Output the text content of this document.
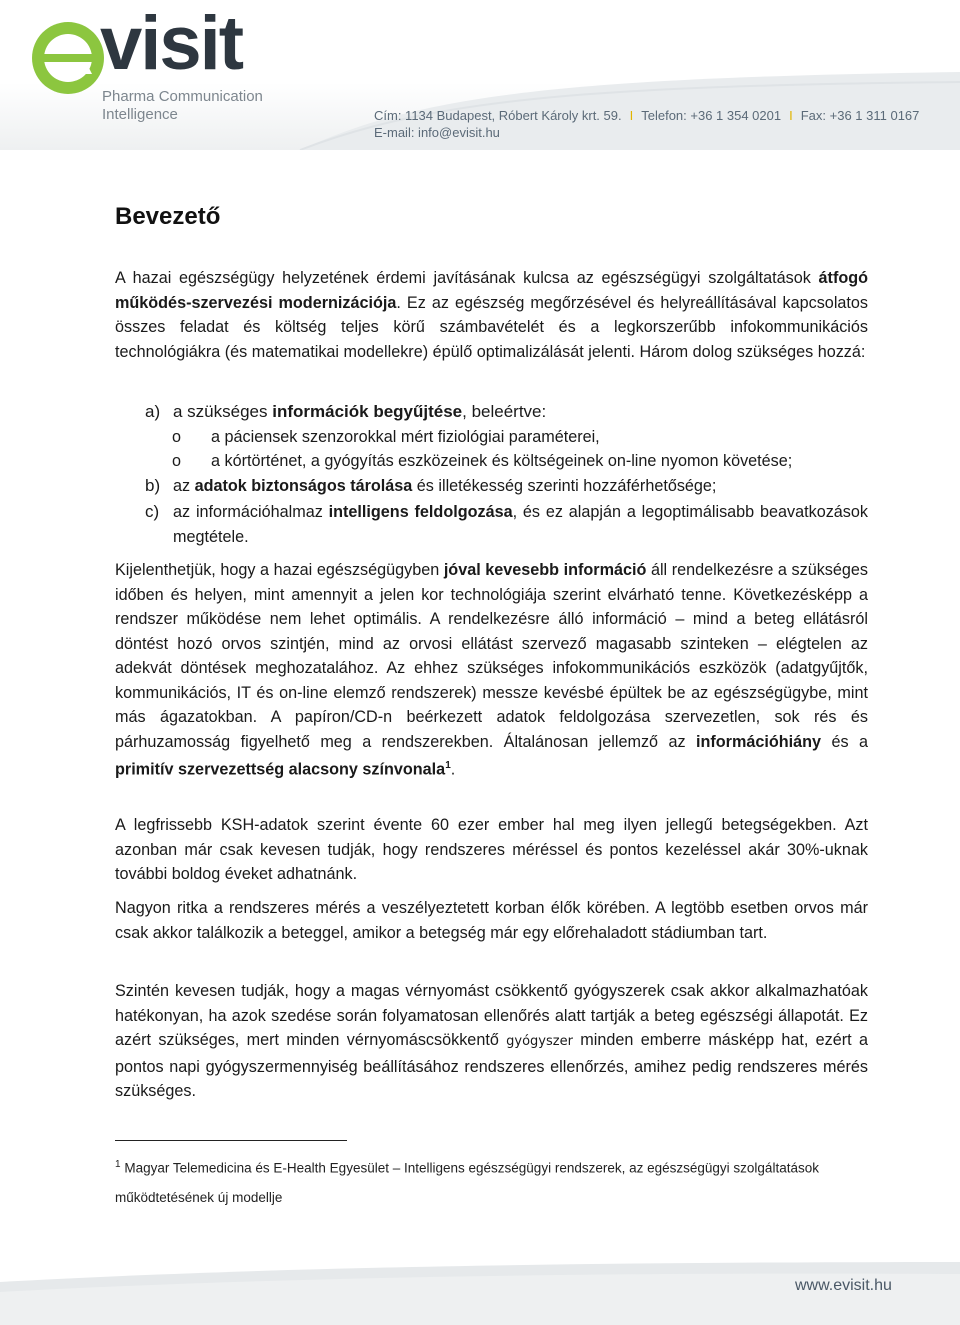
visit
Pharma Communication
Intelligence	Cím: 1134 Budapest, Róbert Károly krt. 59. I Telefon: +36 1 354 0201 I Fax: +36 1 311 0167
E-mail: info@evisit.hu
Bevezető

A hazai egészségügy helyzetének érdemi javításának kulcsa az egészségügyi szolgáltatások átfogó működés-szervezési modernizációja. Ez az egészség megőrzésével és helyreállításával kapcsolatos összes feladat és költség teljes körű számbavételét és a legkorszerűbb infokommunikációs technológiákra (és matematikai modellekre) épülő optimalizálását jelenti. Három dolog szükséges hozzá:

a) a szükséges információk begyűjtése, beleértve:
o a páciensek szenzorokkal mért fiziológiai paraméterei,
o a kórtörténet, a gyógyítás eszközeinek és költségeinek on-line nyomon követése;
b) az adatok biztonságos tárolása és illetékesség szerinti hozzáférhetősége;
c) az információhalmaz intelligens feldolgozása, és ez alapján a legoptimálisabb beavatkozások megtétele.

Kijelenthetjük, hogy a hazai egészségügyben jóval kevesebb információ áll rendelkezésre a szükséges időben és helyen, mint amennyit a jelen kor technológiája szerint elvárható tenne. Következésképp a rendszer működése nem lehet optimális. A rendelkezésre álló információ – mind a beteg ellátásról döntést hozó orvos szintjén, mind az orvosi ellátást szervező magasabb szinteken – elégtelen az adekvát döntések meghozatalához. Az ehhez szükséges infokommunikációs eszközök (adatgyűjtők, kommunikációs, IT és on-line elemző rendszerek) messze kevésbé épültek be az egészségügybe, mint más ágazatokban. A papíron/CD-n beérkezett adatok feldolgozása szervezetlen, sok rés és párhuzamosság figyelhető meg a rendszerekben. Általánosan jellemző az információhiány és a primitív szervezettség alacsony színvonala$^1$.

A legfrissebb KSH-adatok szerint évente 60 ezer ember hal meg ilyen jellegű betegségekben. Azt azonban már csak kevesen tudják, hogy rendszeres méréssel és pontos kezeléssel akár 30%-uknak további boldog éveket adhatnánk.

Nagyon ritka a rendszeres mérés a veszélyeztetett korban élők körében. A legtöbb esetben orvos már csak akkor találkozik a beteggel, amikor a betegség már egy előrehaladott stádiumban tart.

Szintén kevesen tudják, hogy a magas vérnyomást csökkentő gyógyszerek csak akkor alkalmazhatóak hatékonyan, ha azok szedése során folyamatosan ellenőrés alatt tartják a beteg egészségi állapotát. Ez azért szükséges, mert minden vérnyomáscsökkentő gyógyszer minden emberre másképp hat, ezért a pontos napi gyógyszermennyiség beállításához rendszeres ellenőrzés, amihez pedig rendszeres mérés szükséges.

$^1$ Magyar Telemedicina és E-Health Egyesület – Intelligens egészségügyi rendszerek, az egészségügyi szolgáltatások
működtetésének új modellje
www.evisit.hu
